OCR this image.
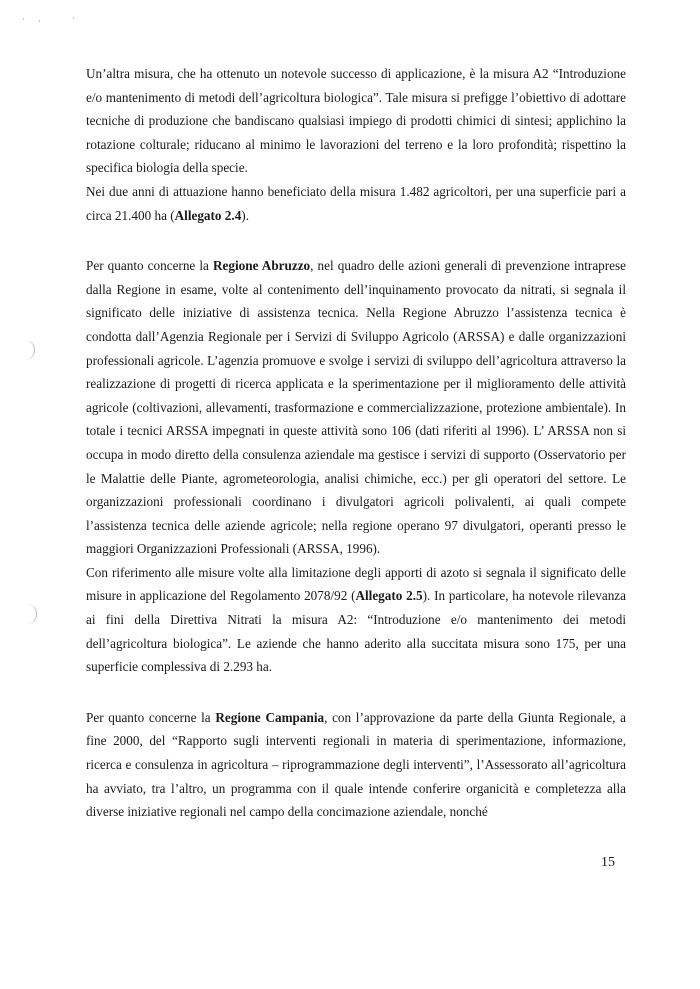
· ·	·

Un’altra misura, che ha ottenuto un notevole successo di applicazione, è la misura A2 “Introduzione e/o mantenimento di metodi dell’agricoltura biologica”. Tale misura si prefigge l’obiettivo di adottare tecniche di produzione che bandiscano qualsiasi impiego di prodotti chimici di sintesi; applichino la rotazione colturale; riducano al minimo le lavorazioni del terreno e la loro profondità; rispettino la specifica biologia della specie.

Nei due anni di attuazione hanno beneficiato della misura 1.482 agricoltori, per una superficie pari a circa 21.400 ha (Allegato 2.4).

Per quanto concerne la Regione Abruzzo, nel quadro delle azioni generali di prevenzione intraprese dalla Regione in esame, volte al contenimento dell’inquinamento provocato da nitrati, si segnala il significato delle iniziative di assistenza tecnica. Nella Regione Abruzzo l’assistenza tecnica è condotta dall’Agenzia Regionale per i Servizi di Sviluppo Agricolo (ARSSA) e dalle organizzazioni professionali agricole. L’agenzia promuove e svolge i servizi di sviluppo dell’agricoltura attraverso la realizzazione di progetti di ricerca applicata e la sperimentazione per il miglioramento delle attività agricole (coltivazioni, allevamenti, trasformazione e commercializzazione, protezione ambientale). In totale i tecnici ARSSA impegnati in queste attività sono 106 (dati riferiti al 1996). L’ ARSSA non si occupa in modo diretto della consulenza aziendale ma gestisce i servizi di supporto (Osservatorio per le Malattie delle Piante, agrometeorologia, analisi chimiche, ecc.) per gli operatori del settore. Le organizzazioni professionali coordinano i divulgatori agricoli polivalenti, ai quali compete l’assistenza tecnica delle aziende agricole; nella regione operano 97 divulgatori, operanti presso le maggiori Organizzazioni Professionali (ARSSA, 1996).

Con riferimento alle misure volte alla limitazione degli apporti di azoto si segnala il significato delle misure in applicazione del Regolamento 2078/92 (Allegato 2.5). In particolare, ha notevole rilevanza ai fini della Direttiva Nitrati la misura A2: “Introduzione e/o mantenimento dei metodi dell’agricoltura biologica”. Le aziende che hanno aderito alla succitata misura sono 175, per una superficie complessiva di 2.293 ha.

Per quanto concerne la Regione Campania, con l’approvazione da parte della Giunta Regionale, a fine 2000, del “Rapporto sugli interventi regionali in materia di sperimentazione, informazione, ricerca e consulenza in agricoltura – riprogrammazione degli interventi”, l’Assessorato all’agricoltura ha avviato, tra l’altro, un programma con il quale intende conferire organicità e completezza alla diverse iniziative regionali nel campo della concimazione aziendale, nonché

15
